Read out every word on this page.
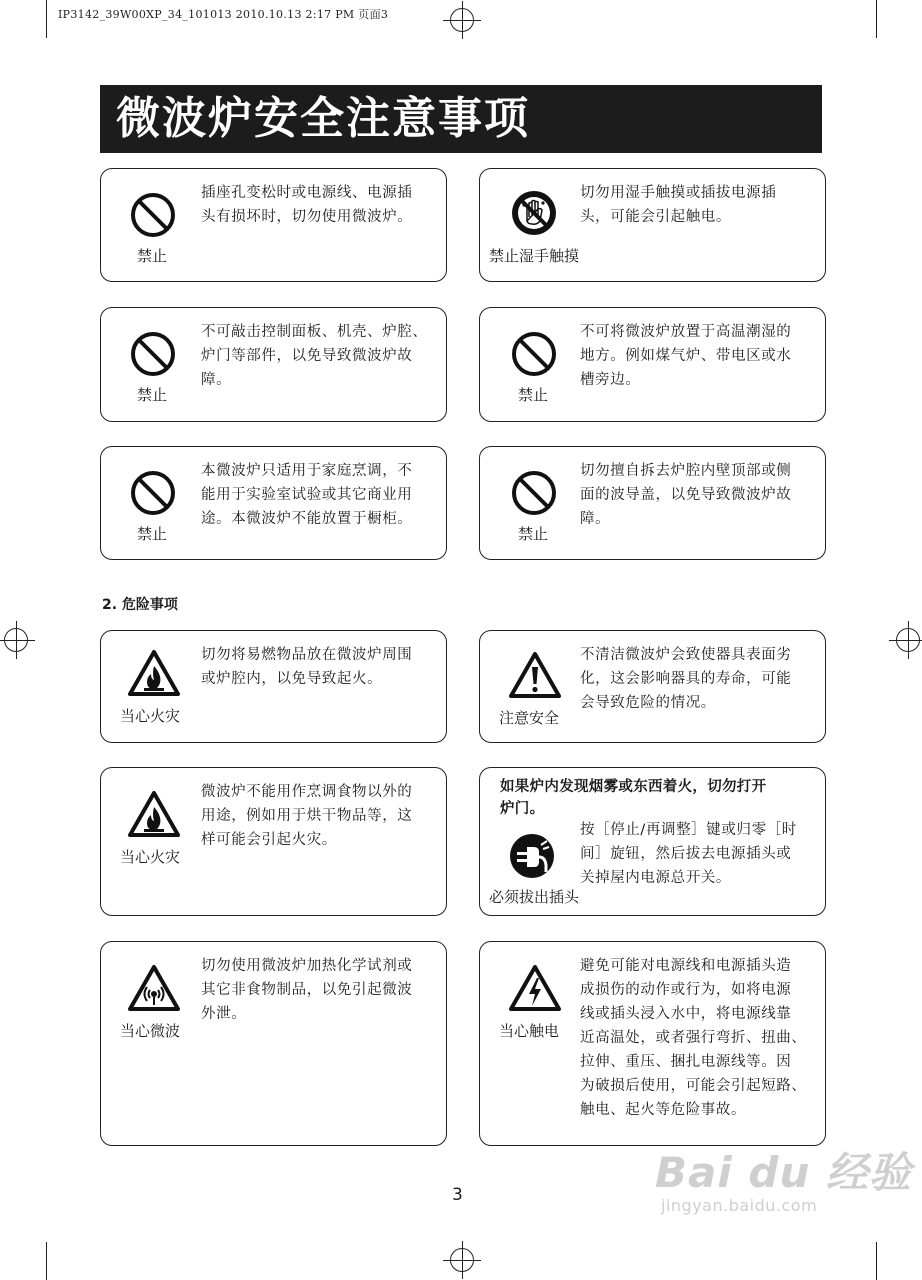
IP3142_39W00XP_34_101013 2010.10.13 2:17 PM 页面3
微波炉安全注意事项
禁止
插座孔变松时或电源线、电源插
头有损坏时，切勿使用微波炉。
禁止湿手触摸
切勿用湿手触摸或插拔电源插
头，可能会引起触电。
禁止
不可敲击控制面板、机壳、炉腔、
炉门等部件，以免导致微波炉故
障。
禁止
不可将微波炉放置于高温潮湿的
地方。例如煤气炉、带电区或水
槽旁边。
禁止
本微波炉只适用于家庭烹调，不
能用于实验室试验或其它商业用
途。本微波炉不能放置于橱柜。
禁止
切勿擅自拆去炉腔内壁顶部或侧
面的波导盖，以免导致微波炉故
障。
2. 危险事项
当心火灾
切勿将易燃物品放在微波炉周围
或炉腔内，以免导致起火。
注意安全
不清洁微波炉会致使器具表面劣
化，这会影响器具的寿命，可能
会导致危险的情况。
当心火灾
微波炉不能用作烹调食物以外的
用途，例如用于烘干物品等，这
样可能会引起火灾。
如果炉内发现烟雾或东西着火，切勿打开
炉门。
必须拔出插头
按［停止/再调整］键或归零［时
间］旋钮，然后拔去电源插头或
关掉屋内电源总开关。
当心微波
切勿使用微波炉加热化学试剂或
其它非食物制品，以免引起微波
外泄。
当心触电
避免可能对电源线和电源插头造
成损伤的动作或行为，如将电源
线或插头浸入水中，将电源线靠
近高温处，或者强行弯折、扭曲、
拉伸、重压、捆扎电源线等。因
为破损后使用，可能会引起短路、
触电、起火等危险事故。
3	Bai du 经验
jingyan.baidu.com
